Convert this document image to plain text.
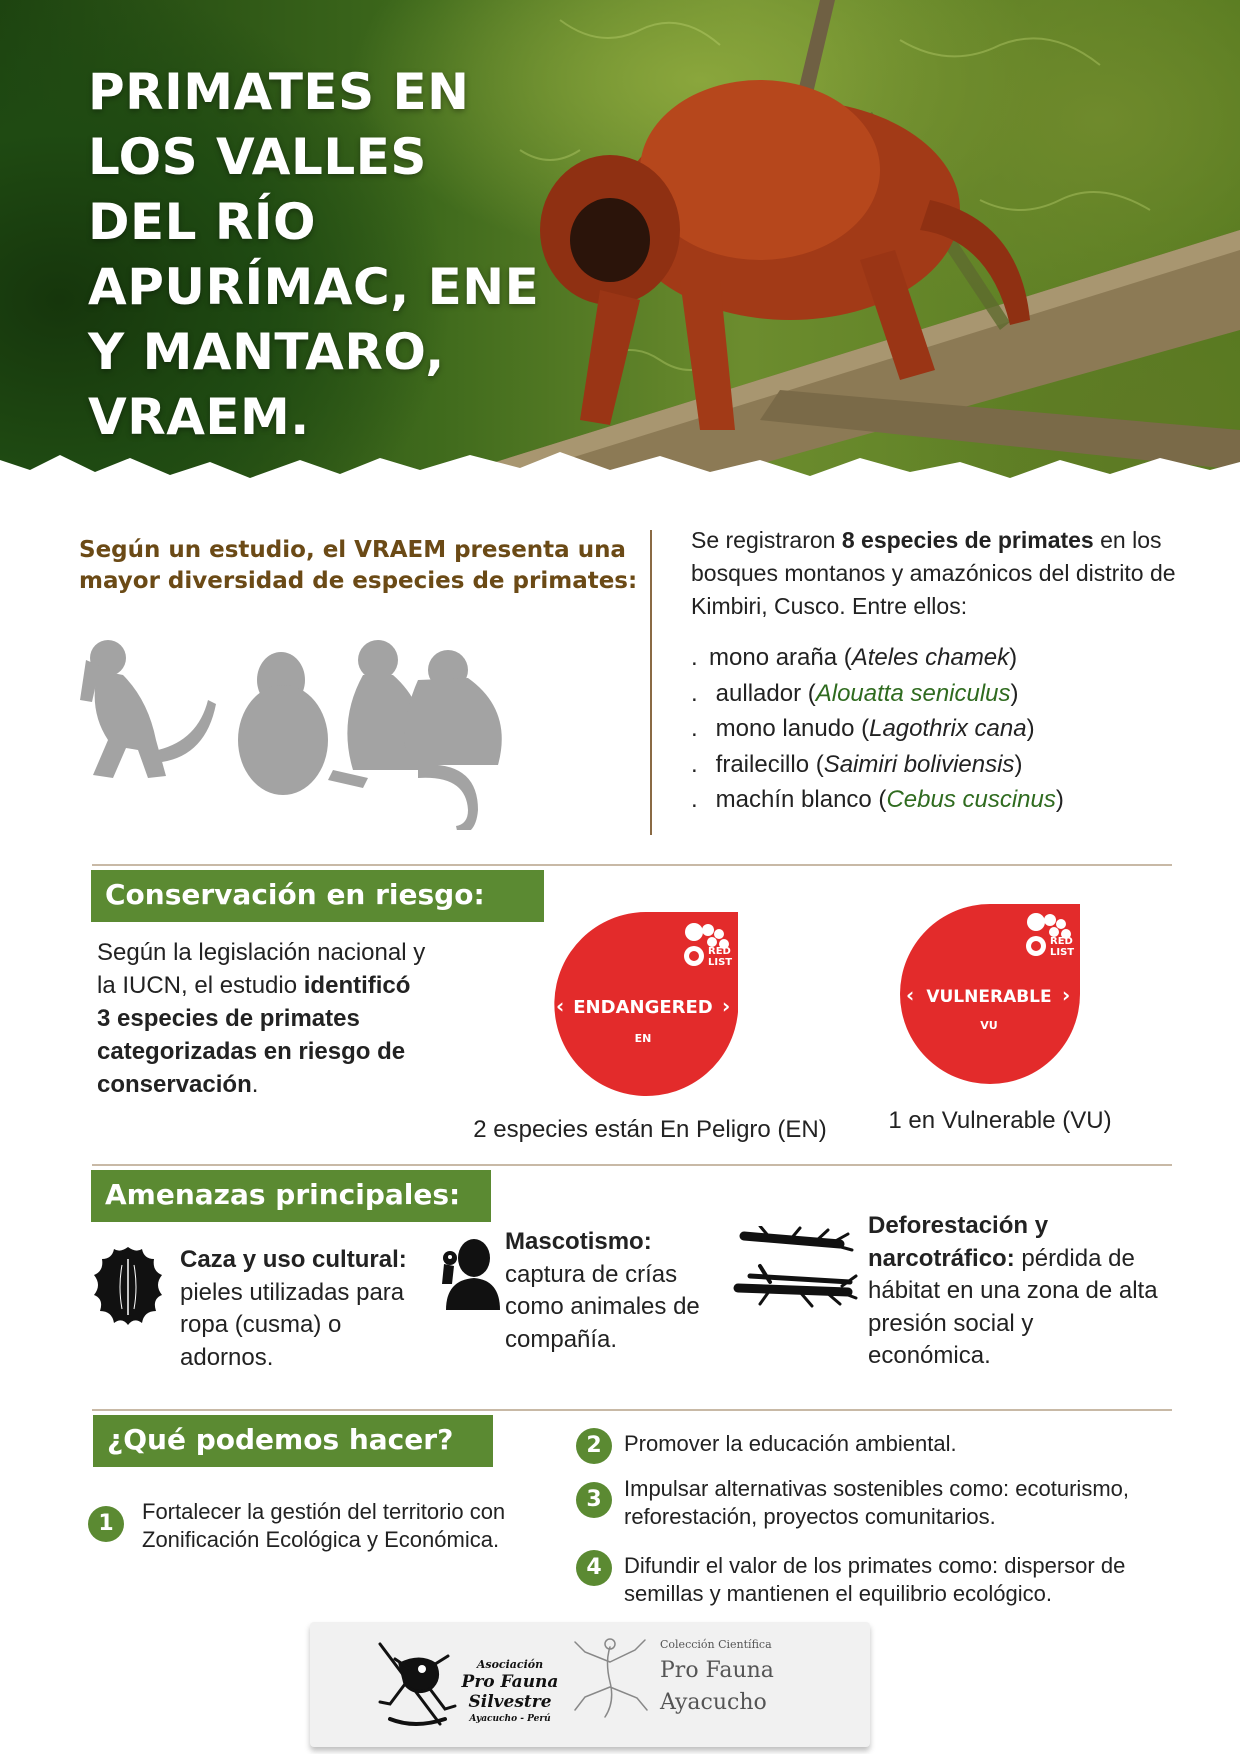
PRIMATES EN
LOS VALLES
DEL RÍO
APURÍMAC, ENE
Y MANTARO,
VRAEM.
Según un estudio, el VRAEM presenta una mayor diversidad de especies de primates:
Se registraron 8 especies de primates en los bosques montanos y amazónicos del distrito de Kimbiri, Cusco. Entre ellos:
. mono araña (Ateles chamek)
. aullador (Alouatta seniculus)
. mono lanudo (Lagothrix cana)
. frailecillo (Saimiri boliviensis)
. machín blanco (Cebus cuscinus)
Conservación en riesgo:
Según la legislación nacional y la IUCN, el estudio identificó 3 especies de primates categorizadas en riesgo de conservación.
RED
LIST
‹ ENDANGERED ›
EN
2 especies están En Peligro (EN)
RED
LIST
‹ VULNERABLE ›
VU
1 en Vulnerable (VU)
Amenazas principales:
Caza y uso cultural: pieles utilizadas para ropa (cusma) o adornos.
Mascotismo: captura de crías como animales de compañía.
Deforestación y narcotráfico: pérdida de hábitat en una zona de alta presión social y económica.
¿Qué podemos hacer?
1	Fortalecer la gestión del territorio con Zonificación Ecológica y Económica.
2	Promover la educación ambiental.
3	Impulsar alternativas sostenibles como: ecoturismo, reforestación, proyectos comunitarios.
4	Difundir el valor de los primates como: dispersor de semillas y mantienen el equilibrio ecológico.
Asociación
Pro Fauna
Silvestre
Ayacucho - Perú
Colección Científica
Pro Fauna
Ayacucho
